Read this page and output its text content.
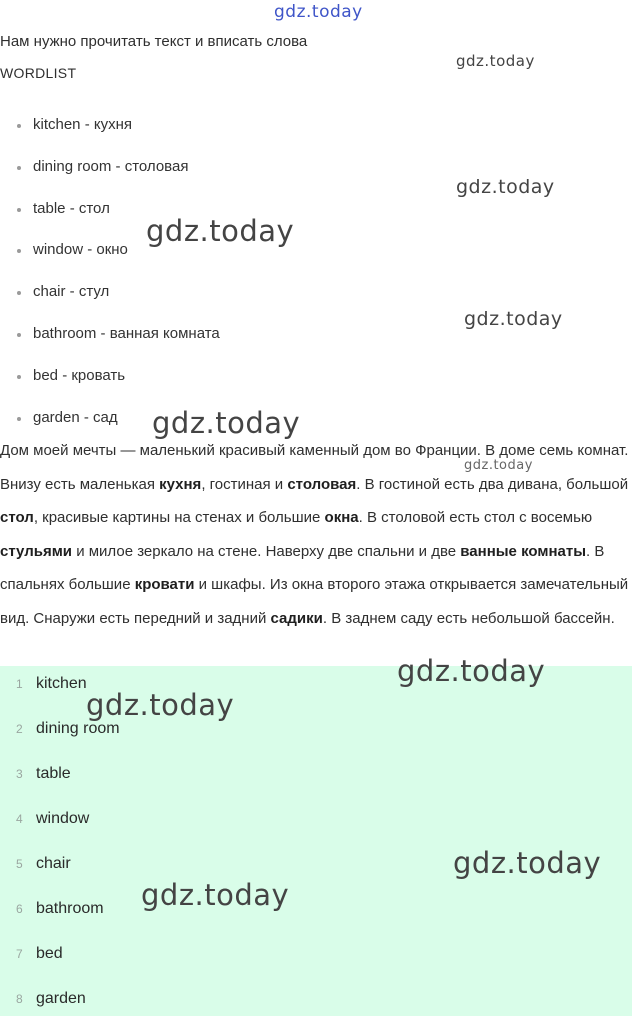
gdz.today
gdz.today
gdz.today
gdz.today
gdz.today
gdz.today
Нам нужно прочитать текст и вписать слова
WORDLIST
kitchen - кухня
dining room - столовая
table - стол
window - окно
chair - стул
bathroom - ванная комната
bed - кровать
garden - сад

Дом моей мечты — маленький красивый каменный дом во Франции. В доме семь комнат. Внизу есть маленькая кухня, гостиная и столовая. В гостиной есть два дивана, большой стол, красивые картины на стенах и большие окна. В столовой есть стол с восемью стульями и милое зеркало на стене. Наверху две спальни и две ванные комнаты. В спальнях большие кровати и шкафы. Из окна второго этажа открывается замечательный вид. Снаружи есть передний и задний садики. В заднем саду есть небольшой бассейн.

gdz.today
1 kitchen
2 dining room
3 table
4 window
5 chair
6 bathroom
7 bed
8 garden
gdz.today
gdz.today
gdz.today
gdz.today
